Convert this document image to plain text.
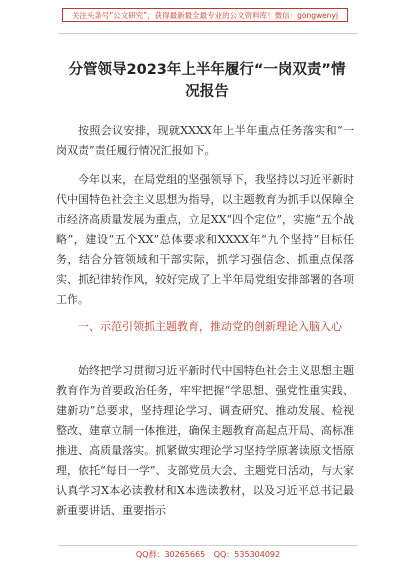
关注头条号“公文研究”，获得最新最全最专业的公文资料库！微信：gongwenyj
分管领导2023年上半年履行“一岗双责”情况报告

按照会议安排，现就XXXX年上半年重点任务落实和“一岗双责”责任履行情况汇报如下。

今年以来，在局党组的坚强领导下，我坚持以习近平新时代中国特色社会主义思想为指导，以主题教育为抓手以保障全市经济高质量发展为重点，立足XX“四个定位”，实施“五个战略”，建设“五个XX”总体要求和XXXX年“九个坚持”目标任务，结合分管领域和干部实际，抓学习强信念、抓重点保落实、抓纪律转作风，较好完成了上半年局党组安排部署的各项工作。

一、示范引领抓主题教育，推动党的创新理论入脑入心

始终把学习贯彻习近平新时代中国特色社会主义思想主题教育作为首要政治任务，牢牢把握“学思想、强党性重实践、建新功”总要求，坚持理论学习、调查研究、推动发展、检视整改、建章立制一体推进，确保主题教育高起点开局、高标准推进、高质量落实。抓紧做实理论学习坚持学原著读原文悟原理，依托“每日一学”、支部党员大会、主题党日活动，与大家认真学习X本必读教材和X本选读教材，以及习近平总书记最新重要讲话、重要指示

QQ群：30265665 QQ：535304092
